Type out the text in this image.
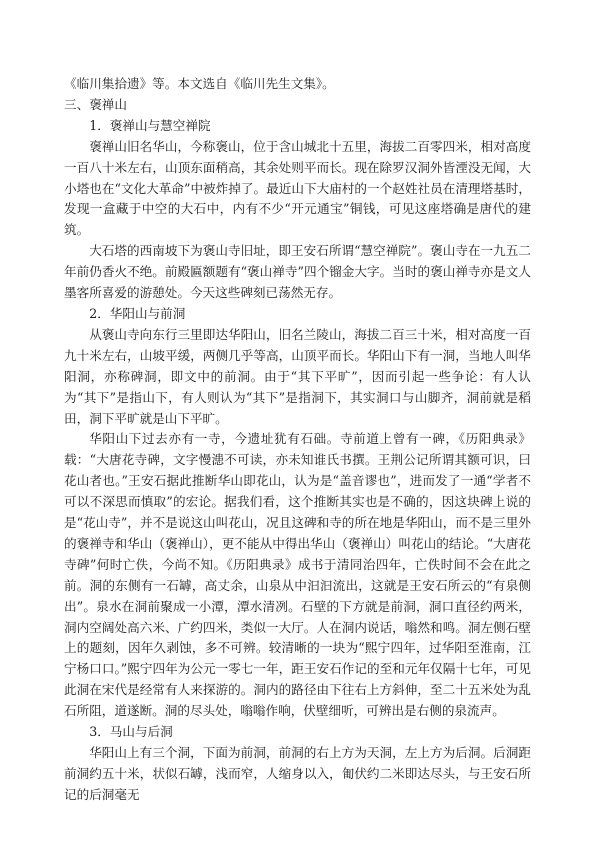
《临川集拾遗》等。本文选自《临川先生文集》。

三、褒禅山

1．褒禅山与慧空禅院

褒禅山旧名华山，今称褒山，位于含山城北十五里，海拔二百零四米，相对高度一百八十米左右，山顶东面稍高，其余处则平而长。现在除罗汉洞外皆湮没无闻，大小塔也在“文化大革命”中被炸掉了。最近山下大庙村的一个赵姓社员在清理塔基时，发现一盒藏于中空的大石中，内有不少“开元通宝”铜钱，可见这座塔确是唐代的建筑。

大石塔的西南坡下为褒山寺旧址，即王安石所谓“慧空禅院”。褒山寺在一九五二年前仍香火不绝。前殿匾额题有“褒山禅寺”四个镏金大字。当时的褒山禅寺亦是文人墨客所喜爱的游憩处。今天这些碑刻已荡然无存。

2．华阳山与前洞

从褒山寺向东行三里即达华阳山，旧名兰陵山，海拔二百三十米，相对高度一百九十米左右，山坡平缓，两侧几乎等高，山顶平而长。华阳山下有一洞，当地人叫华阳洞，亦称碑洞，即文中的前洞。由于“其下平旷”，因而引起一些争论：有人认为“其下”是指山下，有人则认为“其下”是指洞下，其实洞口与山脚齐，洞前就是稻田，洞下平旷就是山下平旷。

华阳山下过去亦有一寺，今遗址犹有石础。寺前道上曾有一碑，《历阳典录》载：“大唐花寺碑，文字慢漶不可读，亦未知谁氏书撰。王荆公记所谓其额可识，曰花山者也。”王安石据此推断华山即花山，认为是“盖音谬也”，进而发了一通“学者不可以不深思而慎取”的宏论。据我们看，这个推断其实也是不确的，因这块碑上说的是“花山寺”，并不是说这山叫花山，况且这碑和寺的所在地是华阳山，而不是三里外的褒禅寺和华山（褒禅山），更不能从中得出华山（褒禅山）叫花山的结论。“大唐花寺碑”何时亡佚，今尚不知。《历阳典录》成书于清同治四年，亡佚时间不会在此之前。洞的东侧有一石罅，高丈余，山泉从中汩汩流出，这就是王安石所云的“有泉侧出”。泉水在洞前聚成一小潭，潭水清冽。石壁的下方就是前洞，洞口直径约两米，洞内空阔处高六米、广约四米，类似一大厅。人在洞内说话，嗡然和鸣。洞左侧石壁上的题刻，因年久剥蚀，多不可辨。较清晰的一块为“熙宁四年，过华阳至淮南，江宁杨口口。”熙宁四年为公元一零七一年，距王安石作记的至和元年仅隔十七年，可见此洞在宋代是经常有人来探游的。洞内的路径由下往右上方斜伸，至二十五米处为乱石所阻，道遂断。洞的尽头处，嗡嗡作响，伏壁细听，可辨出是右侧的泉流声。

3．马山与后洞

华阳山上有三个洞，下面为前洞，前洞的右上方为天洞，左上方为后洞。后洞距前洞约五十米，状似石罅，浅而窄，人缩身以入，匍伏约二米即达尽头，与王安石所记的后洞毫无
